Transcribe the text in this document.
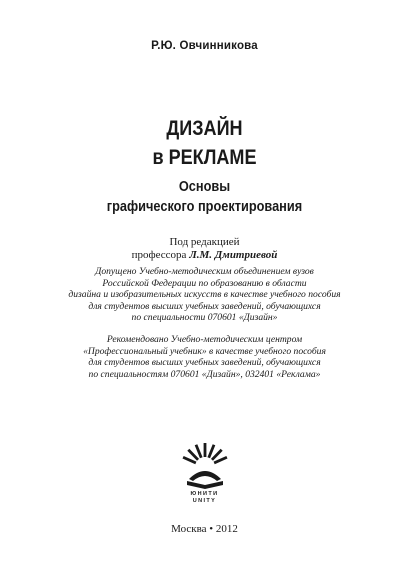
Р.Ю. Овчинникова
ДИЗАЙН
в РЕКЛАМЕ
Основы
графического проектирования
Под редакцией
профессора Л.М. Дмитриевой
Допущено Учебно-методическим объединением вузов
Российской Федерации по образованию в области
дизайна и изобразительных искусств в качестве учебного пособия
для студентов высших учебных заведений, обучающихся
по специальности 070601 «Дизайн»
Рекомендовано Учебно-методическим центром
«Профессиональный учебник» в качестве учебного пособия
для студентов высших учебных заведений, обучающихся
по специальностям 070601 «Дизайн», 032401 «Реклама»
ЮНИТИ
UNITY
Москва • 2012
